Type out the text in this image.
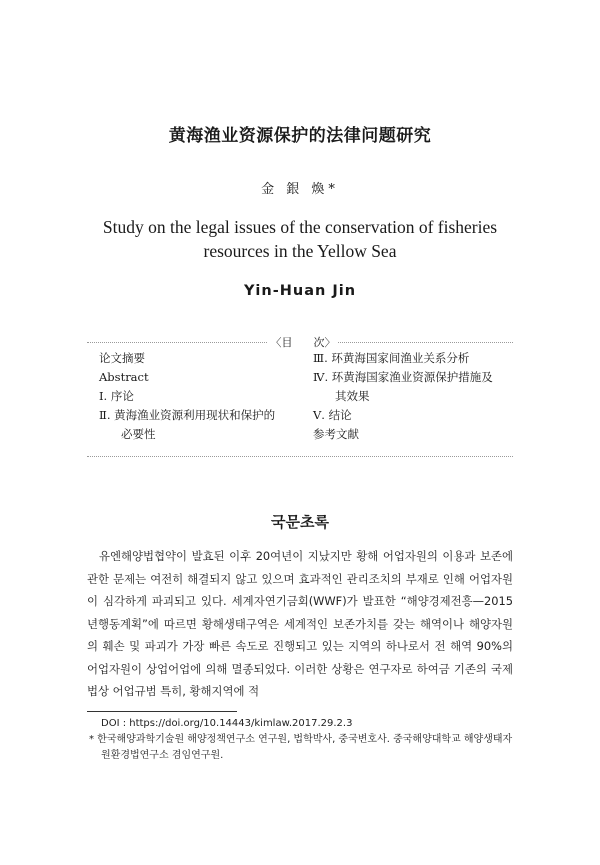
黄海渔业资源保护的法律问题研究
金 銀 煥*
Study on the legal issues of the conservation of fisheries resources in the Yellow Sea
Yin-Huan Jin
〈目      次〉
论文摘要
Abstract
Ⅰ. 序论
Ⅱ. 黄海渔业资源利用现状和保护的
必要性
Ⅲ. 环黄海国家间渔业关系分析
Ⅳ. 环黄海国家渔业资源保护措施及
其效果
Ⅴ. 结论
参考文献
국문초록
유엔해양법협약이 발효된 이후 20여년이 지났지만 황해 어업자원의 이용과 보존에 관한 문제는 여전히 해결되지 않고 있으며 효과적인 관리조치의 부재로 인해 어업자원이 심각하게 파괴되고 있다. 세계자연기금회(WWF)가 발표한 “해양경제전흥—2015년행동계획”에 따르면 황해생태구역은 세계적인 보존가치를 갖는 해역이나 해양자원의 훼손 및 파괴가 가장 빠른 속도로 진행되고 있는 지역의 하나로서 전 해역 90%의 어업자원이 상업어업에 의해 멸종되었다. 이러한 상황은 연구자로 하여금 기존의 국제법상 어업규범 특히, 황해지역에 적
DOI : https://doi.org/10.14443/kimlaw.2017.29.2.3
* 한국해양과학기술원 해양정책연구소 연구원, 법학박사, 중국변호사. 중국해양대학교 해양생태자원환경법연구소 겸임연구원.
